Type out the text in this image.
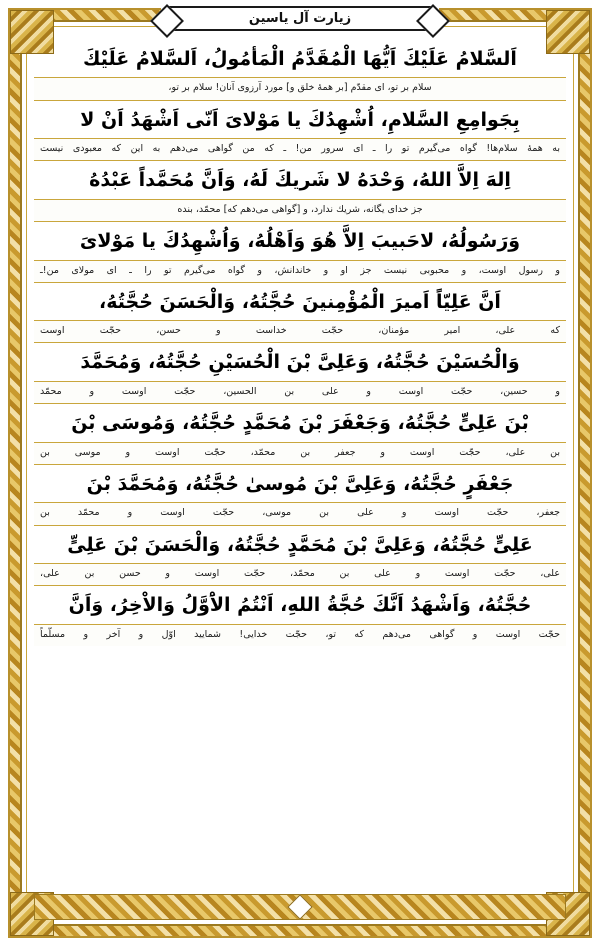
زیارت آل یاسین
اَلسَّلامُ عَلَیْكَ اَیُّهَا الْمُقَدَّمُ الْمَأمُولُ، اَلسَّلامُ عَلَیْكَ
سلام بر تو، ای مقدّم [بر همهٔ خلق و] مورد آرزوی آنان! سلام بر تو،
بِجَوامِعِ السَّلامِ، اُشْهِدُكَ یا مَوْلایَ اَنّی اَشْهَدُ اَنْ لا
به همهٔ سلام‌ها! گواه می‌گیرم تو را ـ ای سرور من! ـ كه من گواهی می‌دهم به این كه معبودی نیست
اِلهَ اِلاَّ اللهُ، وَحْدَهُ لا شَریكَ لَهُ، وَاَنَّ مُحَمَّداً عَبْدُهُ
جز خدای یگانه، شریك ندارد، و [گواهی می‌دهم كه] محمّد، بنده
وَرَسُولُهُ، لاحَبیبَ اِلاَّ هُوَ وَاَهْلُهُ، وَاُشْهِدُكَ یا مَوْلایَ
و رسول اوست، و محبوبی نیست جز او و خاندانش، و گواه می‌گیرم تو را ـ ای مولای من!ـ
اَنَّ عَلِیّاً اَمیرَ الْمُؤْمِنینَ حُجَّتُهُ، وَالْحَسَنَ حُجَّتُهُ،
كه علی، امیر مؤمنان، حجّت خداست و حسن، حجّت اوست
وَالْحُسَیْنَ حُجَّتُهُ، وَعَلِىَّ بْنَ الْحُسَیْنِ حُجَّتُهُ، وَمُحَمَّدَ
و حسین، حجّت اوست و علی بن الحسین، حجّت اوست و محمّد
بْنَ عَلِىٍّ حُجَّتُهُ، وَجَعْفَرَ بْنَ مُحَمَّدٍ حُجَّتُهُ، وَمُوسَى بْنَ
بن علی، حجّت اوست و جعفر بن محمّد، حجّت اوست و موسی بن
جَعْفَرٍ حُجَّتُهُ، وَعَلِىَّ بْنَ مُوسىٰ حُجَّتُهُ، وَمُحَمَّدَ بْنَ
جعفر، حجّت اوست و علی بن موسی، حجّت اوست و محمّد بن
عَلِىٍّ حُجَّتُهُ، وَعَلِىَّ بْنَ مُحَمَّدٍ حُجَّتُهُ، وَالْحَسَنَ بْنَ عَلِىٍّ
علی، حجّت اوست و علی بن محمّد، حجّت اوست و حسن بن علی،
حُجَّتُهُ، وَاَشْهَدُ اَنَّكَ حُجَّةُ اللهِ، اَنْتُمُ الاَْوَّلُ وَالاْخِرُ، وَاَنَّ
حجّت اوست و گواهی می‌دهم كه تو، حجّت خدایی! شمایید اوّل و آخر و مسلّماً
